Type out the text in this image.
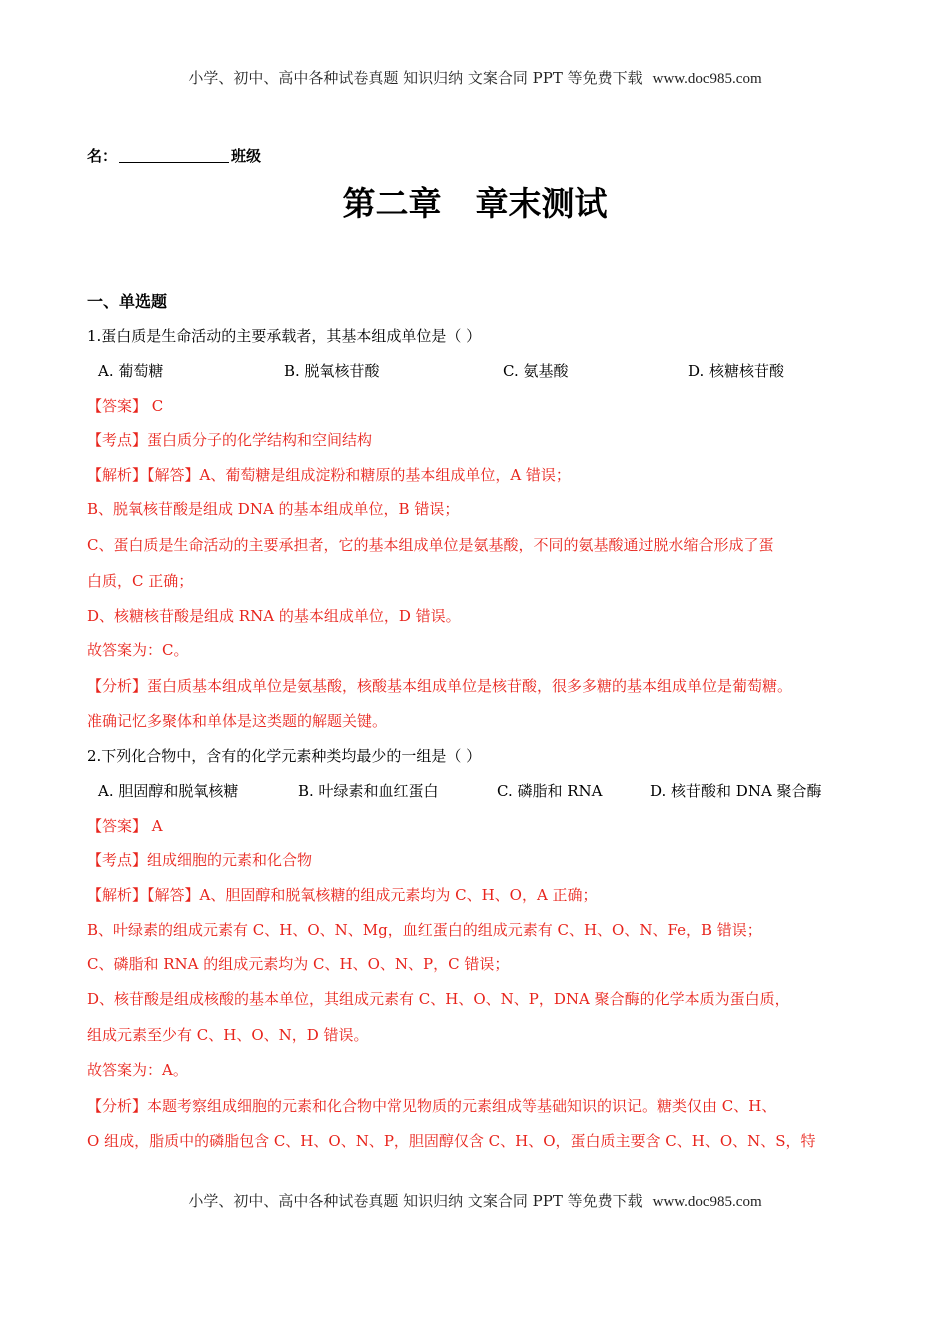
小学、初中、高中各种试卷真题 知识归纳 文案合同 PPT 等免费下载 www.doc985.com
名：	班级
第二章 章末测试
一、单选题
1.蛋白质是生命活动的主要承载者，其基本组成单位是（ ）
A. 葡萄糖	B. 脱氧核苷酸	C. 氨基酸	D. 核糖核苷酸
【答案】 C
【考点】蛋白质分子的化学结构和空间结构
【解析】【解答】A、葡萄糖是组成淀粉和糖原的基本组成单位，A 错误；
B、脱氧核苷酸是组成 DNA 的基本组成单位，B 错误；
C、蛋白质是生命活动的主要承担者，它的基本组成单位是氨基酸，不同的氨基酸通过脱水缩合形成了蛋
白质，C 正确；
D、核糖核苷酸是组成 RNA 的基本组成单位，D 错误。
故答案为：C。
【分析】蛋白质基本组成单位是氨基酸，核酸基本组成单位是核苷酸，很多多糖的基本组成单位是葡萄糖。
准确记忆多聚体和单体是这类题的解题关键。
2.下列化合物中，含有的化学元素种类均最少的一组是（ ）
A. 胆固醇和脱氧核糖	B. 叶绿素和血红蛋白	C. 磷脂和 RNA	D. 核苷酸和 DNA 聚合酶
【答案】 A
【考点】组成细胞的元素和化合物
【解析】【解答】A、胆固醇和脱氧核糖的组成元素均为 C、H、O，A 正确；
B、叶绿素的组成元素有 C、H、O、N、Mg，血红蛋白的组成元素有 C、H、O、N、Fe，B 错误；
C、磷脂和 RNA 的组成元素均为 C、H、O、N、P，C 错误；
D、核苷酸是组成核酸的基本单位，其组成元素有 C、H、O、N、P，DNA 聚合酶的化学本质为蛋白质，
组成元素至少有 C、H、O、N，D 错误。
故答案为：A。
【分析】本题考察组成细胞的元素和化合物中常见物质的元素组成等基础知识的识记。糖类仅由 C、H、
O 组成，脂质中的磷脂包含 C、H、O、N、P，胆固醇仅含 C、H、O，蛋白质主要含 C、H、O、N、S，特
小学、初中、高中各种试卷真题 知识归纳 文案合同 PPT 等免费下载 www.doc985.com
